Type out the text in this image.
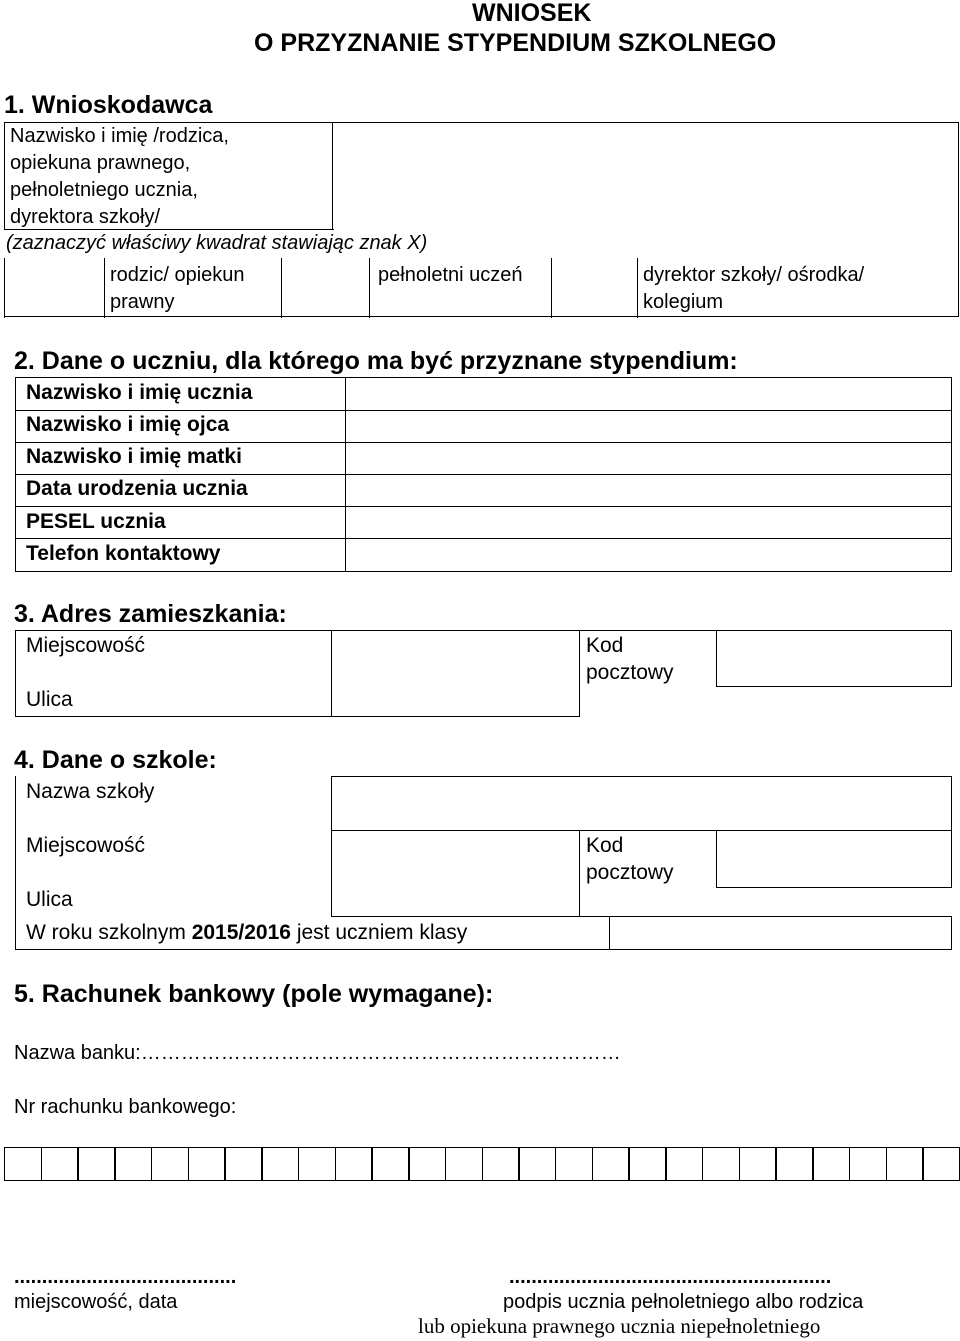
WNIOSEK
O PRZYZNANIE STYPENDIUM SZKOLNEGO
1. Wnioskodawca
Nazwisko i imię /rodzica,
opiekuna prawnego,
pełnoletniego ucznia,
dyrektora szkoły/
(zaznaczyć właściwy kwadrat stawiając znak X)
rodzic/ opiekun
prawny
pełnoletni uczeń	dyrektor szkoły/ ośrodka/
kolegium
2. Dane o uczniu, dla którego ma być przyznane stypendium:
Nazwisko i imię ucznia
Nazwisko i imię ojca
Nazwisko i imię matki
Data urodzenia ucznia
PESEL ucznia
Telefon kontaktowy
3. Adres zamieszkania:
Miejscowość
Ulica
Kod
pocztowy
4. Dane o szkole:
Nazwa szkoły
Miejscowość
Ulica
Kod
pocztowy
W roku szkolnym 2015/2016 jest uczniem klasy
5. Rachunek bankowy (pole wymagane):
Nazwa banku:………………………………………………………………
Nr rachunku bankowego:
........................................
miejscowość, data
..........................................................
podpis ucznia pełnoletniego albo rodzica
lub opiekuna prawnego ucznia niepełnoletniego
